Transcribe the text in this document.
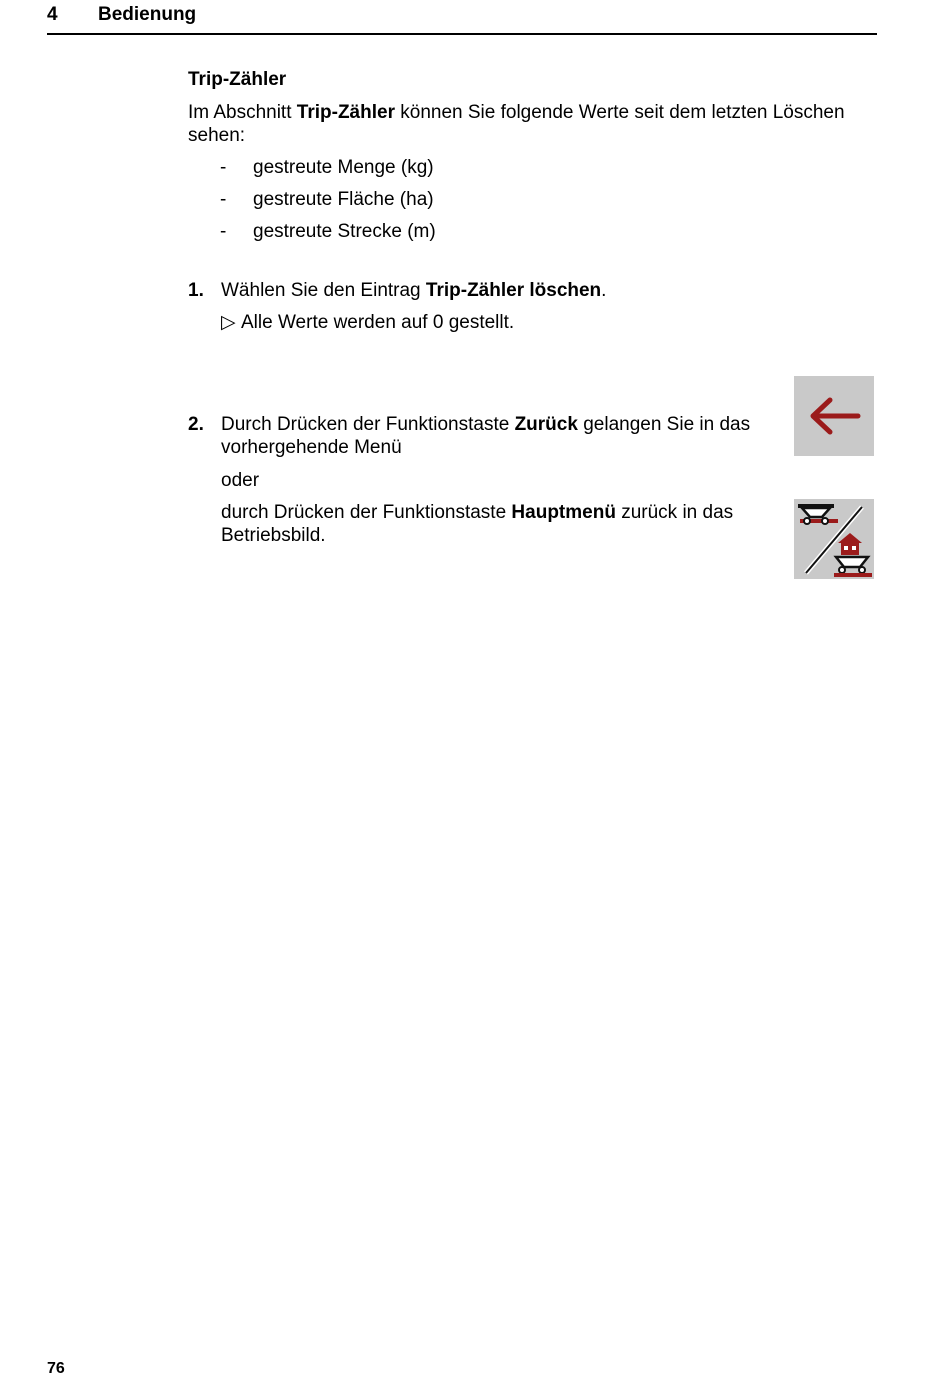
4 Bedienung
Trip-Zähler
Im Abschnitt Trip-Zähler können Sie folgende Werte seit dem letzten Löschen sehen:
- gestreute Menge (kg)
- gestreute Fläche (ha)
- gestreute Strecke (m)
1. Wählen Sie den Eintrag Trip-Zähler löschen.
▷ Alle Werte werden auf 0 gestellt.
2. Durch Drücken der Funktionstaste Zurück gelangen Sie in das vorhergehende Menü
oder
durch Drücken der Funktionstaste Hauptmenü zurück in das Betriebsbild.
76
